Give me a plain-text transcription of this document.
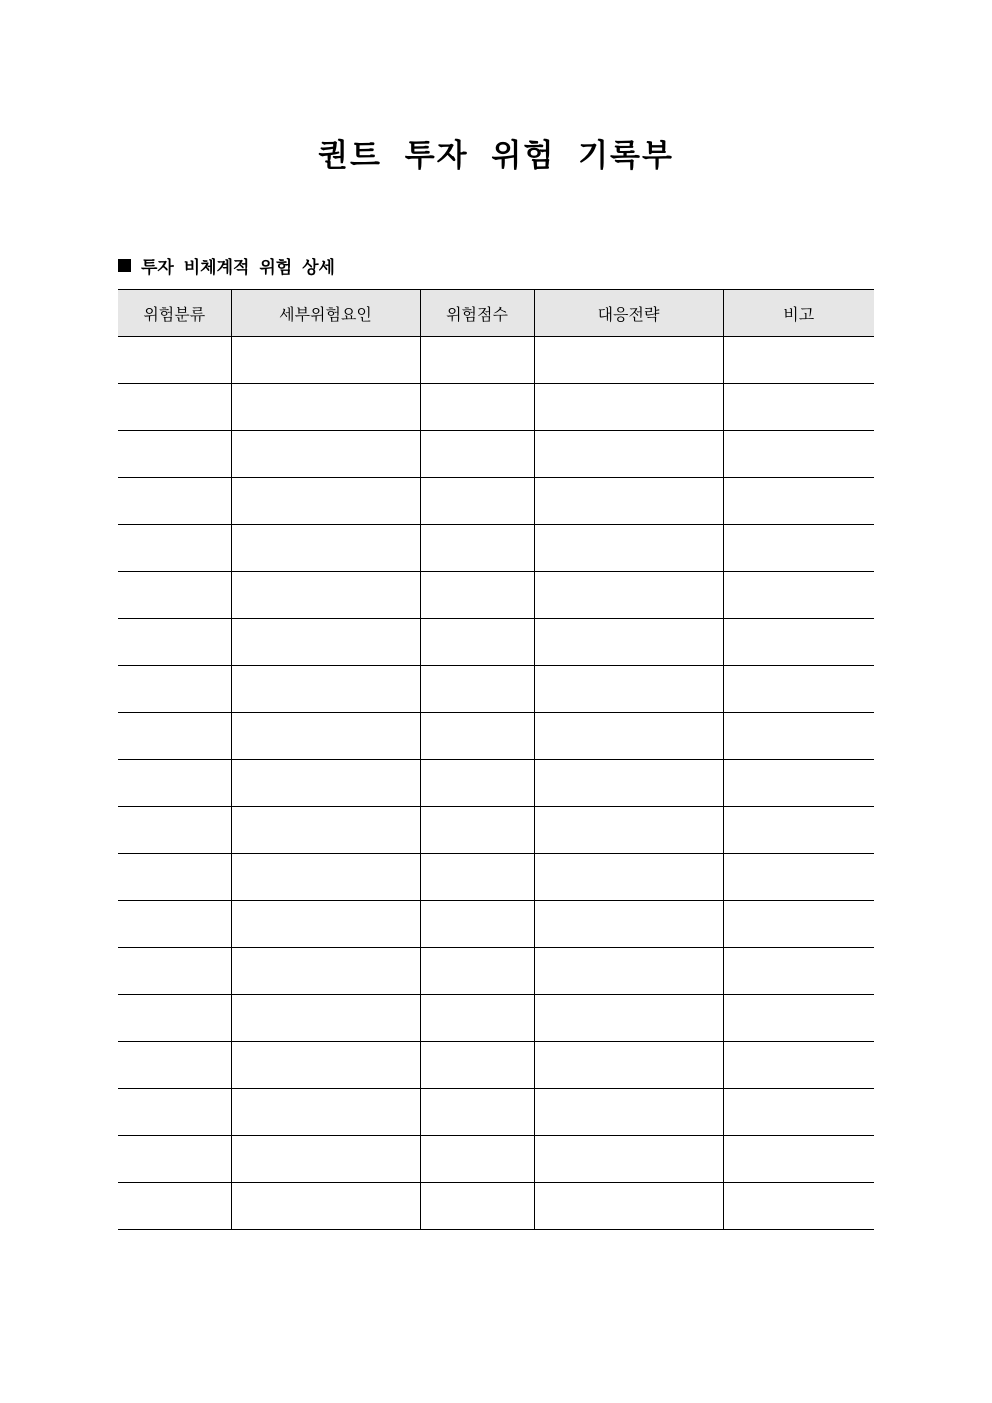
퀀트 투자 위험 기록부
투자 비체계적 위험 상세
위험분류	세부위험요인	위험점수	대응전략	비고
